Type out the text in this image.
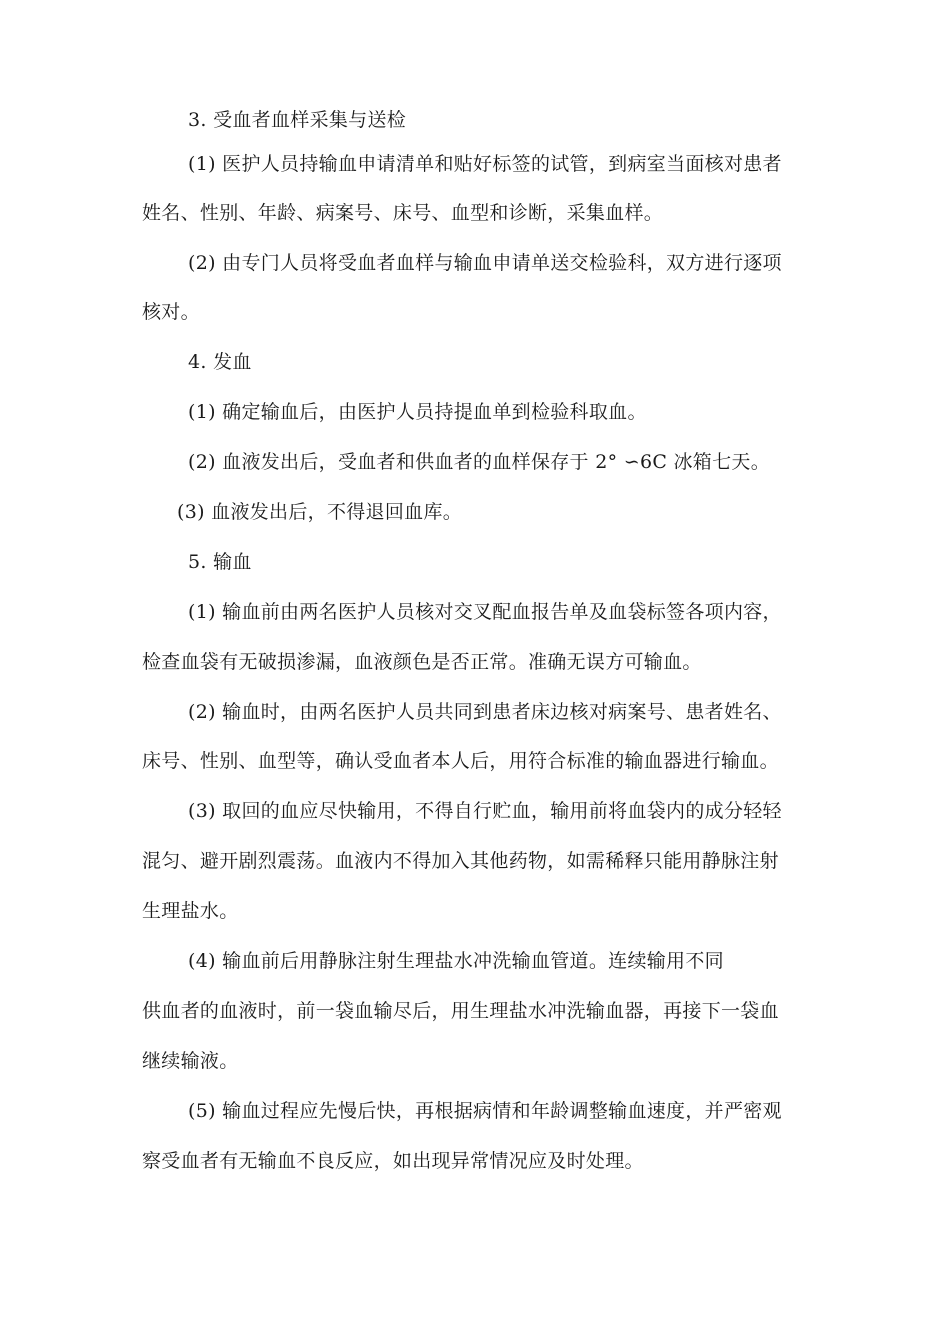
3. 受血者血样采集与送检
(1) 医护人员持输血申请清单和贴好标签的试管，到病室当面核对患者
姓名、性别、年龄、病案号、床号、血型和诊断，采集血样。
(2) 由专门人员将受血者血样与输血申请单送交检验科，双方进行逐项
核对。
4. 发血
(1) 确定输血后，由医护人员持提血单到检验科取血。
(2) 血液发出后，受血者和供血者的血样保存于 2° ∽6C 冰箱七天。
(3) 血液发出后，不得退回血库。
5. 输血
(1) 输血前由两名医护人员核对交叉配血报告单及血袋标签各项内容，
检查血袋有无破损渗漏，血液颜色是否正常。准确无误方可输血。
(2) 输血时，由两名医护人员共同到患者床边核对病案号、患者姓名、
床号、性别、血型等，确认受血者本人后，用符合标准的输血器进行输血。
(3) 取回的血应尽快输用，不得自行贮血，输用前将血袋内的成分轻轻
混匀、避开剧烈震荡。血液内不得加入其他药物，如需稀释只能用静脉注射
生理盐水。
(4) 输血前后用静脉注射生理盐水冲洗输血管道。连续输用不同
供血者的血液时，前一袋血输尽后，用生理盐水冲洗输血器，再接下一袋血
继续输液。
(5) 输血过程应先慢后快，再根据病情和年龄调整输血速度，并严密观
察受血者有无输血不良反应，如出现异常情况应及时处理。
